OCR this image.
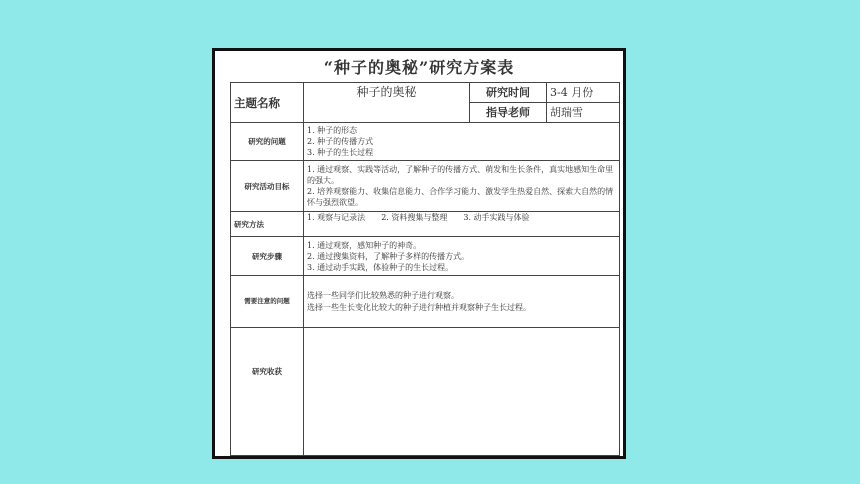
“种子的奥秘”研究方案表
主题名称	种子的奥秘	研究时间	3-4 月份
		指导老师	胡瑞雪
研究的问题	1. 种子的形态
2. 种子的传播方式
3. 种子的生长过程		

研究活动目标	1. 通过观察、实践等活动，了解种子的传播方式、萌发和生长条件，真实地感知生命里的强大。
2. 培养观察能力、收集信息能力、合作学习能力、激发学生热爱自然、探索大自然的情怀与强烈欲望。		

研究方法	1. 观察与记录法 2. 资料搜集与整理 3. 动手实践与体验		

研究步骤	1. 通过观察，感知种子的神奇。
2. 通过搜集资料，了解种子多样的传播方式。
3. 通过动手实践，体验种子的生长过程。		

需要注意的问题	选择一些同学们比较熟悉的种子进行观察。
选择一些生长变化比较大的种子进行种植并观察种子生长过程。		

研究收获			
